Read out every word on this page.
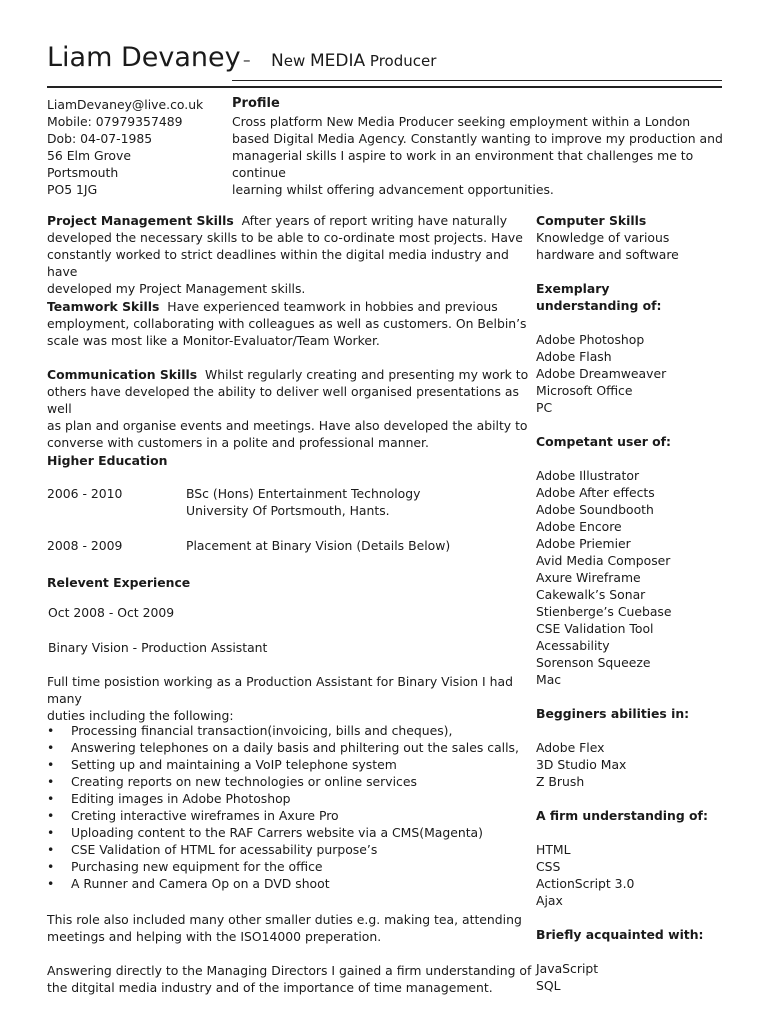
Liam Devaney – New MEDIA Producer
LiamDevaney@live.co.uk
Mobile: 07979357489
Dob: 04-07-1985
56 Elm Grove
Portsmouth
PO5 1JG
Profile
Cross platform New Media Producer seeking employment within a London
based Digital Media Agency. Constantly wanting to improve my production and
managerial skills I aspire to work in an environment that challenges me to continue
learning whilst offering advancement opportunities.
Project Management Skills After years of report writing have naturally
developed the necessary skills to be able to co-ordinate most projects. Have
constantly worked to strict deadlines within the digital media industry and have
developed my Project Management skills.
Teamwork Skills Have experienced teamwork in hobbies and previous
employment, collaborating with colleagues as well as customers. On Belbin’s
scale was most like a Monitor-Evaluator/Team Worker.
Communication Skills Whilst regularly creating and presenting my work to
others have developed the ability to deliver well organised presentations as well
as plan and organise events and meetings. Have also developed the abilty to
converse with customers in a polite and professional manner.
Higher Education
2006 - 2010	BSc (Hons) Entertainment Technology
University Of Portsmouth, Hants.
2008 - 2009	Placement at Binary Vision (Details Below)
Relevent Experience
Oct 2008 - Oct 2009
Binary Vision - Production Assistant
Full time posistion working as a Production Assistant for Binary Vision I had many
duties including the following:
• Processing financial transaction(invoicing, bills and cheques),
• Answering telephones on a daily basis and philtering out the sales calls,
• Setting up and maintaining a VoIP telephone system
• Creating reports on new technologies or online services
• Editing images in Adobe Photoshop
• Creting interactive wireframes in Axure Pro
• Uploading content to the RAF Carrers website via a CMS(Magenta)
• CSE Validation of HTML for acessability purpose’s
• Purchasing new equipment for the office
• A Runner and Camera Op on a DVD shoot
This role also included many other smaller duties e.g. making tea, attending
meetings and helping with the ISO14000 preperation.
Answering directly to the Managing Directors I gained a firm understanding of
the ditgital media industry and of the importance of time management.
Computer Skills
Knowledge of various
hardware and software
Exemplary
understanding of:
Adobe Photoshop
Adobe Flash
Adobe Dreamweaver
Microsoft Office
PC
Competant user of:
Adobe Illustrator
Adobe After effects
Adobe Soundbooth
Adobe Encore
Adobe Priemier
Avid Media Composer
Axure Wireframe
Cakewalk’s Sonar
Stienberge’s Cuebase
CSE Validation Tool
Acessability
Sorenson Squeeze
Mac
Begginers abilities in:
Adobe Flex
3D Studio Max
Z Brush
A firm understanding of:
HTML
CSS
ActionScript 3.0
Ajax
Briefly acquainted with:
JavaScript
SQL
